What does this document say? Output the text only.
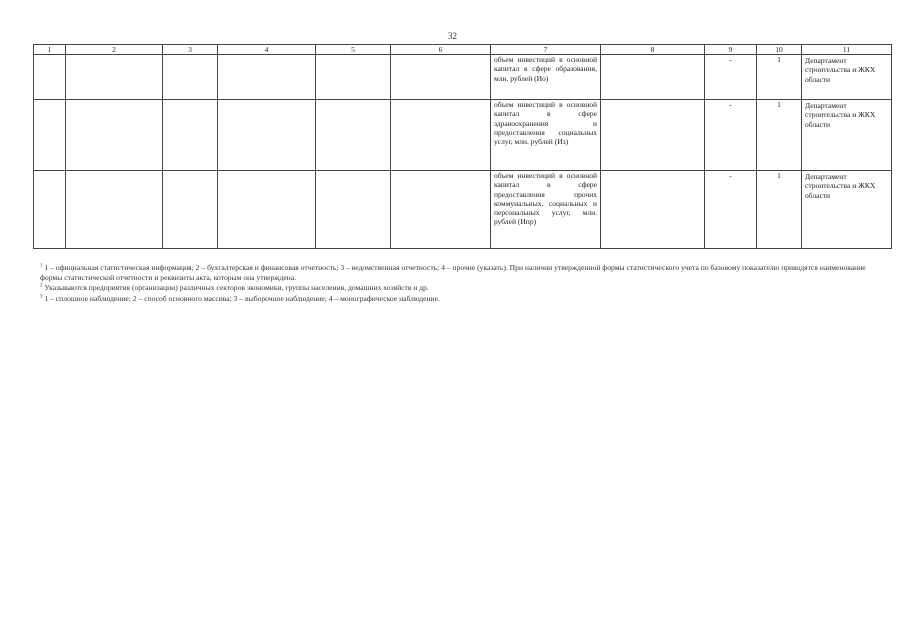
32
1	2	3	4	5	6	7	8	9	10	11
						объем инвестиций в основной капитал в сфере образования, млн. рублей (Ио)		-	1	Департамент строительства и ЖКХ области
						объем инвестиций в основной капитал в сфере здравоохранения и предоставления социальных услуг, млн. рублей (Из)		-	1	Департамент строительства и ЖКХ области
						объем инвестиций в основной капитал в сфере предоставления прочих коммунальных, социальных и персональных услуг, млн. рублей (Ипр)		-	1	Департамент строительства и ЖКХ области

$^1$ 1 – официальная статистическая информация; 2 – бухгалтерская и финансовая отчетность; 3 – ведомственная отчетность; 4 – прочие (указать). При наличии утвержденной формы статистического учета по базовому показателю приводятся наименование формы статистической отчетности и реквизиты акта, которым она утверждена.

$^2$ Указываются предприятия (организации) различных секторов экономики, группы населения, домашних хозяйств и др.

$^3$ 1 – сплошное наблюдение; 2 – способ основного массива; 3 – выборочное наблюдение; 4 – монографическое наблюдение.
